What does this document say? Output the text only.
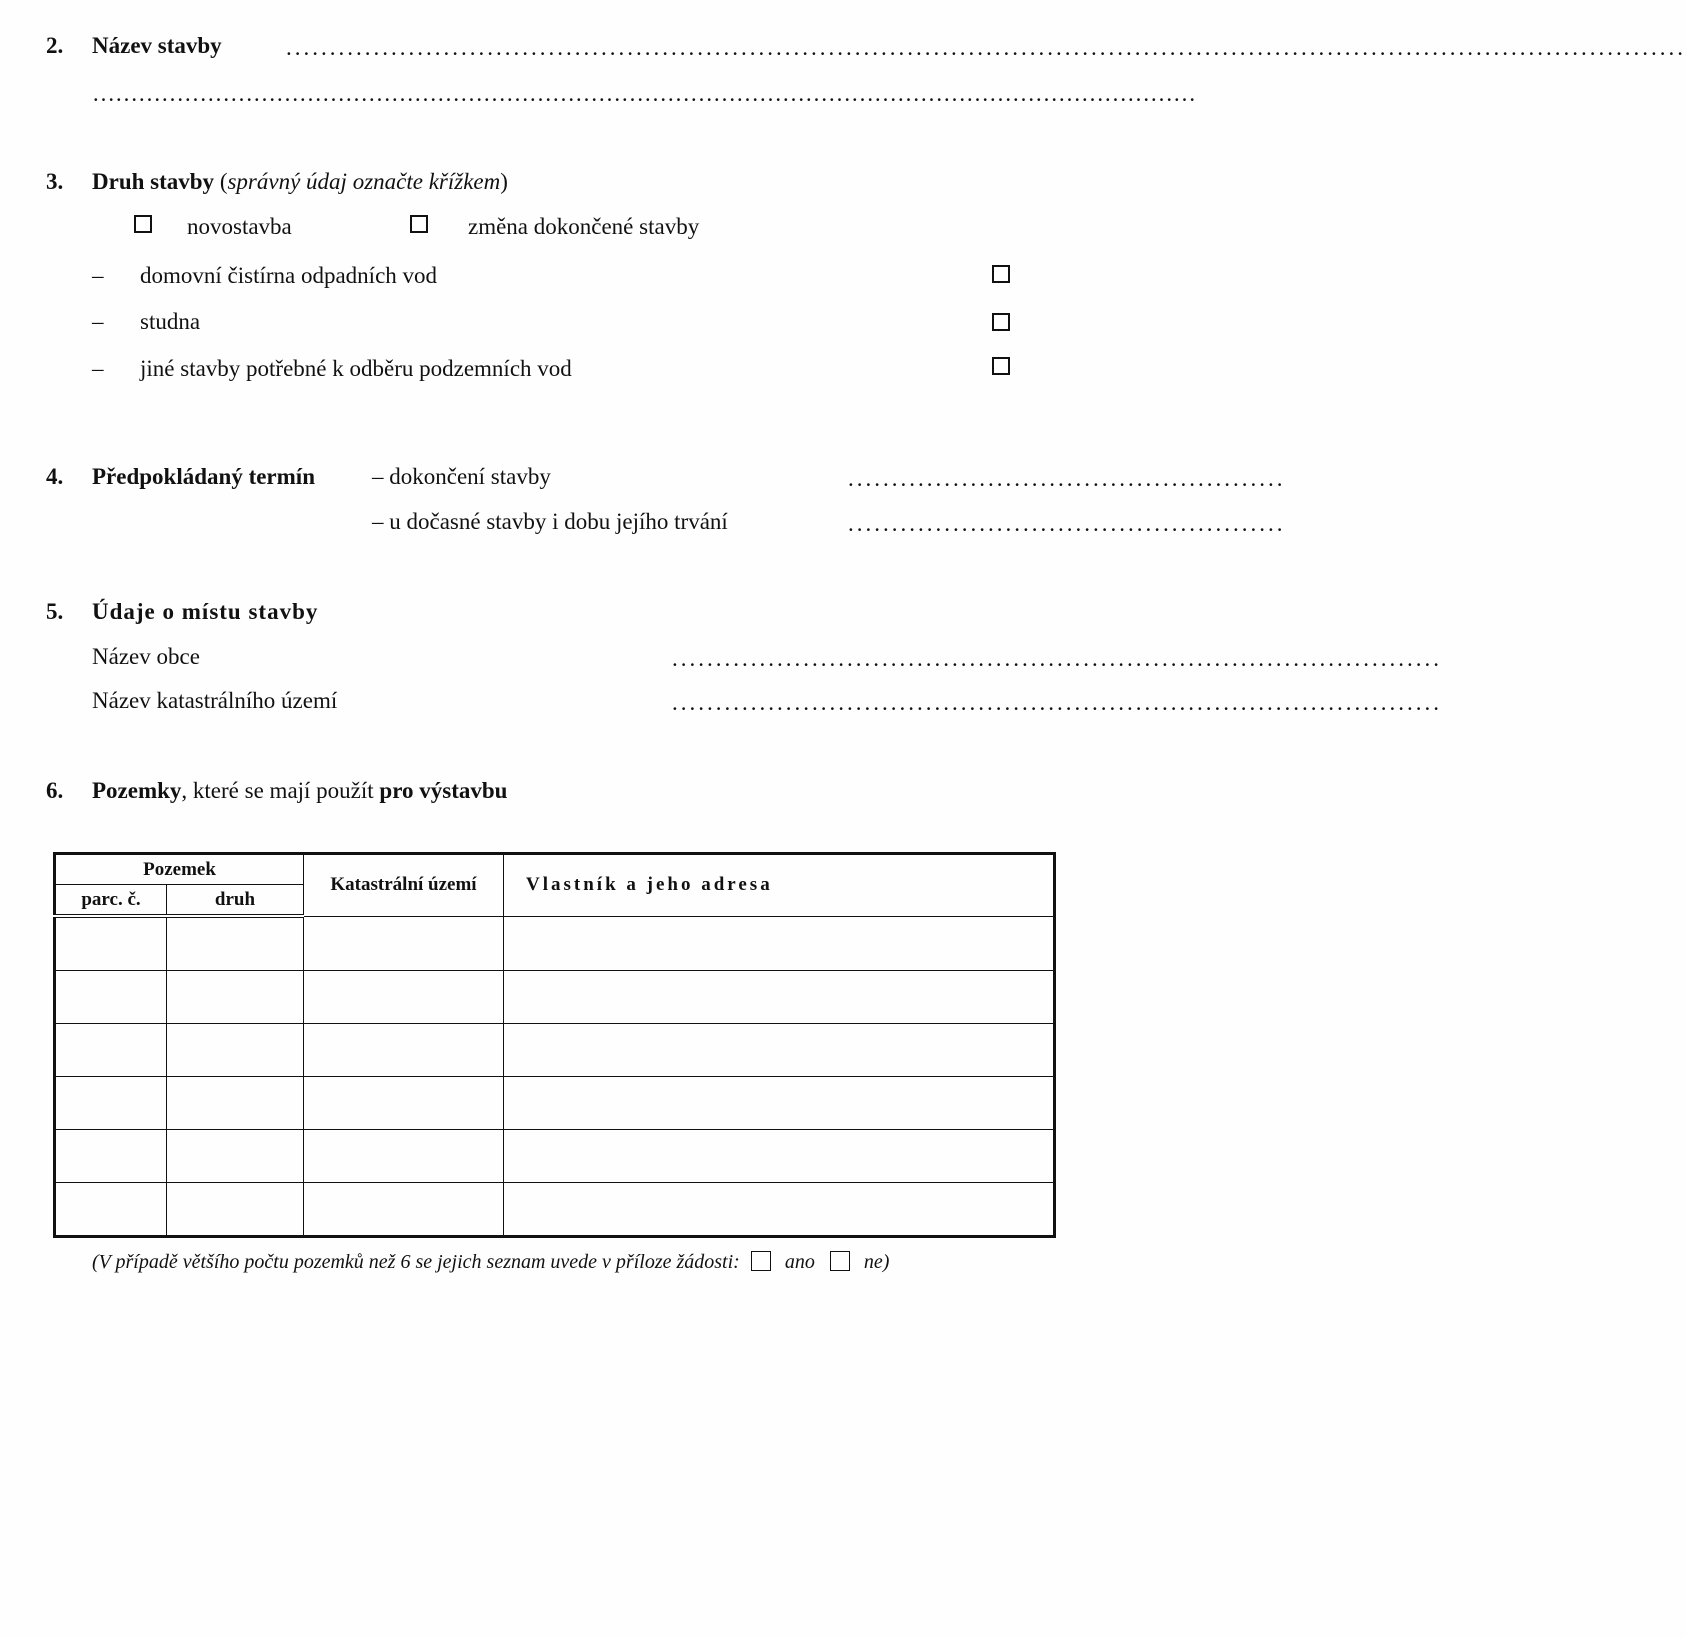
2. Název stavby	................................................................................................................................................................
………………………………………………………………………………………………………………………………
3. Druh stavby (správný údaj označte křížkem)
novostavba	změna dokončené stavby
– domovní čistírna odpadních vod
– studna
– jiné stavby potřebné k odběru podzemních vod
4. Předpokládaný termín – dokončení stavby	..................................................
– u dočasné stavby i dobu jejího trvání	..................................................
5. Údaje o místu stavby
Název obce	........................................................................................
Název katastrálního území	........................................................................................
6. Pozemky, které se mají použít pro výstavbu
Pozemek		Katastrální území	Vlastník a jeho adresa
parc. č.	druh		

(V případě většího počtu pozemků než 6 se jejich seznam uvede v příloze žádosti: ano ne)
